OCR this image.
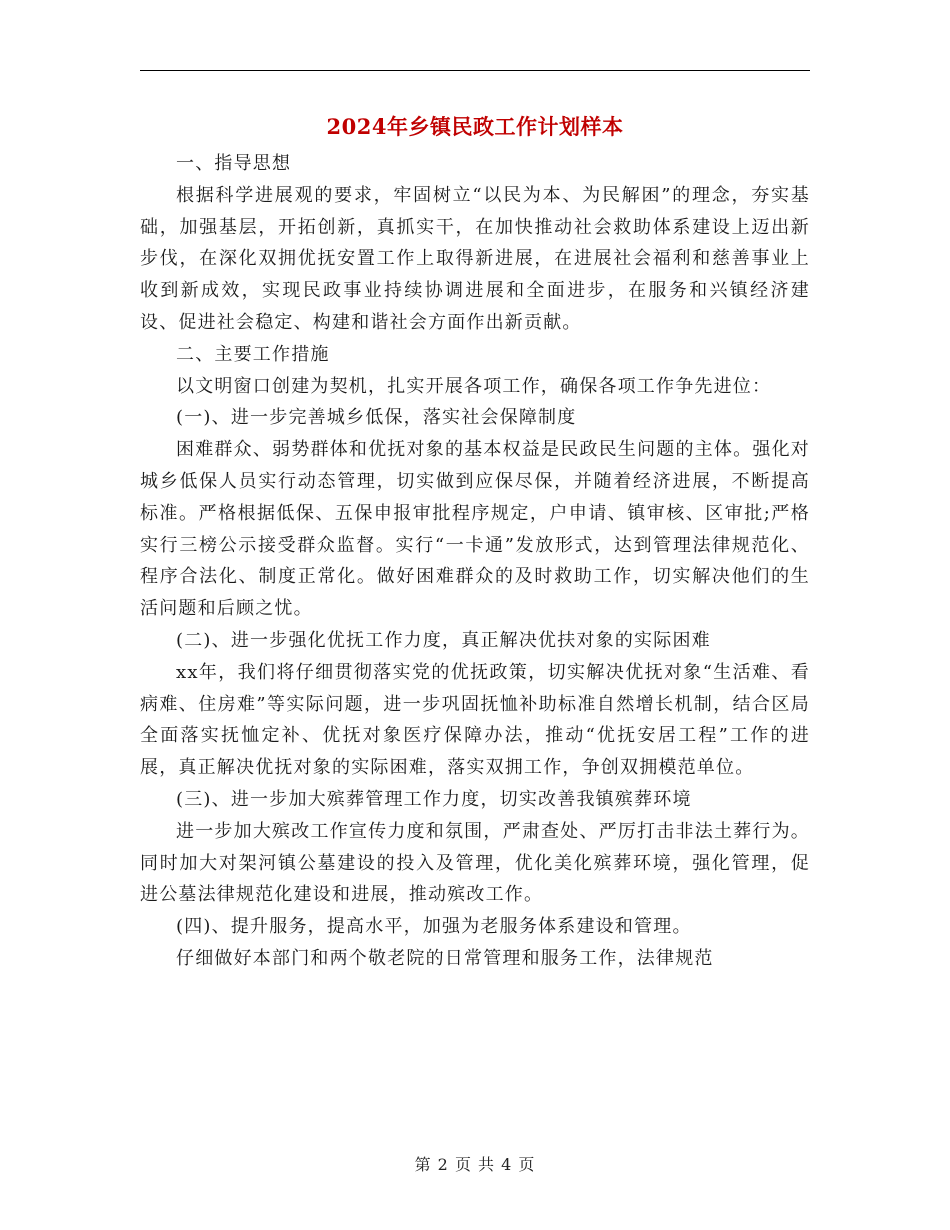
2024年乡镇民政工作计划样本

一、指导思想

根据科学进展观的要求，牢固树立“以民为本、为民解困”的理念，夯实基础，加强基层，开拓创新，真抓实干，在加快推动社会救助体系建设上迈出新步伐，在深化双拥优抚安置工作上取得新进展，在进展社会福利和慈善事业上收到新成效，实现民政事业持续协调进展和全面进步，在服务和兴镇经济建设、促进社会稳定、构建和谐社会方面作出新贡献。

二、主要工作措施

以文明窗口创建为契机，扎实开展各项工作，确保各项工作争先进位：

(一)、进一步完善城乡低保，落实社会保障制度

困难群众、弱势群体和优抚对象的基本权益是民政民生问题的主体。强化对城乡低保人员实行动态管理，切实做到应保尽保，并随着经济进展，不断提高标准。严格根据低保、五保申报审批程序规定，户申请、镇审核、区审批;严格实行三榜公示接受群众监督。实行“一卡通”发放形式，达到管理法律规范化、程序合法化、制度正常化。做好困难群众的及时救助工作，切实解决他们的生活问题和后顾之忧。

(二)、进一步强化优抚工作力度，真正解决优扶对象的实际困难

xx年，我们将仔细贯彻落实党的优抚政策，切实解决优抚对象“生活难、看病难、住房难”等实际问题，进一步巩固抚恤补助标准自然增长机制，结合区局全面落实抚恤定补、优抚对象医疗保障办法，推动“优抚安居工程”工作的进展，真正解决优抚对象的实际困难，落实双拥工作，争创双拥模范单位。

(三)、进一步加大殡葬管理工作力度，切实改善我镇殡葬环境

进一步加大殡改工作宣传力度和氛围，严肃查处、严厉打击非法土葬行为。同时加大对架河镇公墓建设的投入及管理，优化美化殡葬环境，强化管理，促进公墓法律规范化建设和进展，推动殡改工作。

(四)、提升服务，提高水平，加强为老服务体系建设和管理。

仔细做好本部门和两个敬老院的日常管理和服务工作，法律规范

第 2 页 共 4 页
